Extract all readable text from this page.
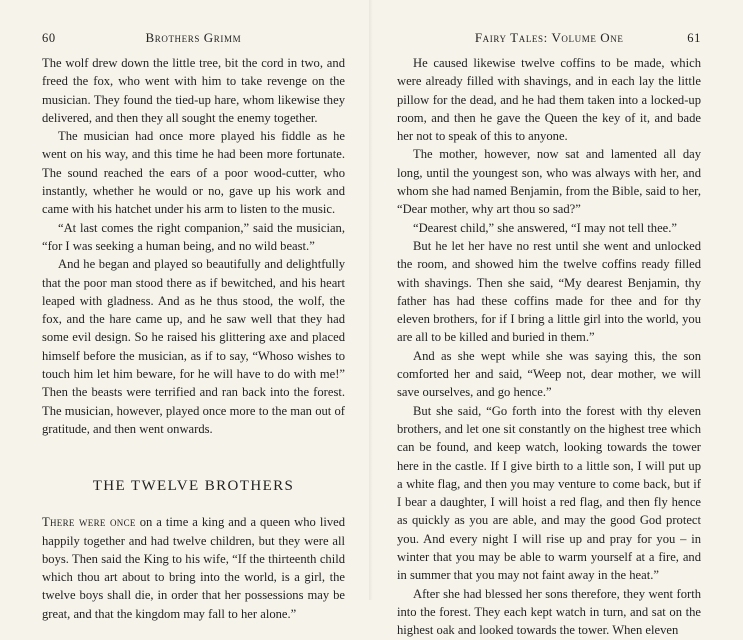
60	Brothers Grimm

The wolf drew down the little tree, bit the cord in two, and freed the fox, who went with him to take revenge on the musician. They found the tied-up hare, whom likewise they delivered, and then they all sought the enemy together.

The musician had once more played his fiddle as he went on his way, and this time he had been more fortunate. The sound reached the ears of a poor wood-cutter, who instantly, whether he would or no, gave up his work and came with his hatchet under his arm to listen to the music.

“At last comes the right companion,” said the musician, “for I was seeking a human being, and no wild beast.”

And he began and played so beautifully and delightfully that the poor man stood there as if bewitched, and his heart leaped with gladness. And as he thus stood, the wolf, the fox, and the hare came up, and he saw well that they had some evil design. So he raised his glittering axe and placed himself before the musician, as if to say, “Whoso wishes to touch him let him beware, for he will have to do with me!” Then the beasts were terrified and ran back into the forest. The musician, however, played once more to the man out of gratitude, and then went onwards.

THE TWELVE BROTHERS

There were once on a time a king and a queen who lived happily together and had twelve children, but they were all boys. Then said the King to his wife, “If the thirteenth child which thou art about to bring into the world, is a girl, the twelve boys shall die, in order that her possessions may be great, and that the kingdom may fall to her alone.”

Fairy Tales: Volume One	61

He caused likewise twelve coffins to be made, which were already filled with shavings, and in each lay the little pillow for the dead, and he had them taken into a locked-up room, and then he gave the Queen the key of it, and bade her not to speak of this to anyone.

The mother, however, now sat and lamented all day long, until the youngest son, who was always with her, and whom she had named Benjamin, from the Bible, said to her, “Dear mother, why art thou so sad?”

“Dearest child,” she answered, “I may not tell thee.”

But he let her have no rest until she went and unlocked the room, and showed him the twelve coffins ready filled with shavings. Then she said, “My dearest Benjamin, thy father has had these coffins made for thee and for thy eleven brothers, for if I bring a little girl into the world, you are all to be killed and buried in them.”

And as she wept while she was saying this, the son comforted her and said, “Weep not, dear mother, we will save ourselves, and go hence.”

But she said, “Go forth into the forest with thy eleven brothers, and let one sit constantly on the highest tree which can be found, and keep watch, looking towards the tower here in the castle. If I give birth to a little son, I will put up a white flag, and then you may venture to come back, but if I bear a daughter, I will hoist a red flag, and then fly hence as quickly as you are able, and may the good God protect you. And every night I will rise up and pray for you – in winter that you may be able to warm yourself at a fire, and in summer that you may not faint away in the heat.”

After she had blessed her sons therefore, they went forth into the forest. They each kept watch in turn, and sat on the highest oak and looked towards the tower. When eleven
